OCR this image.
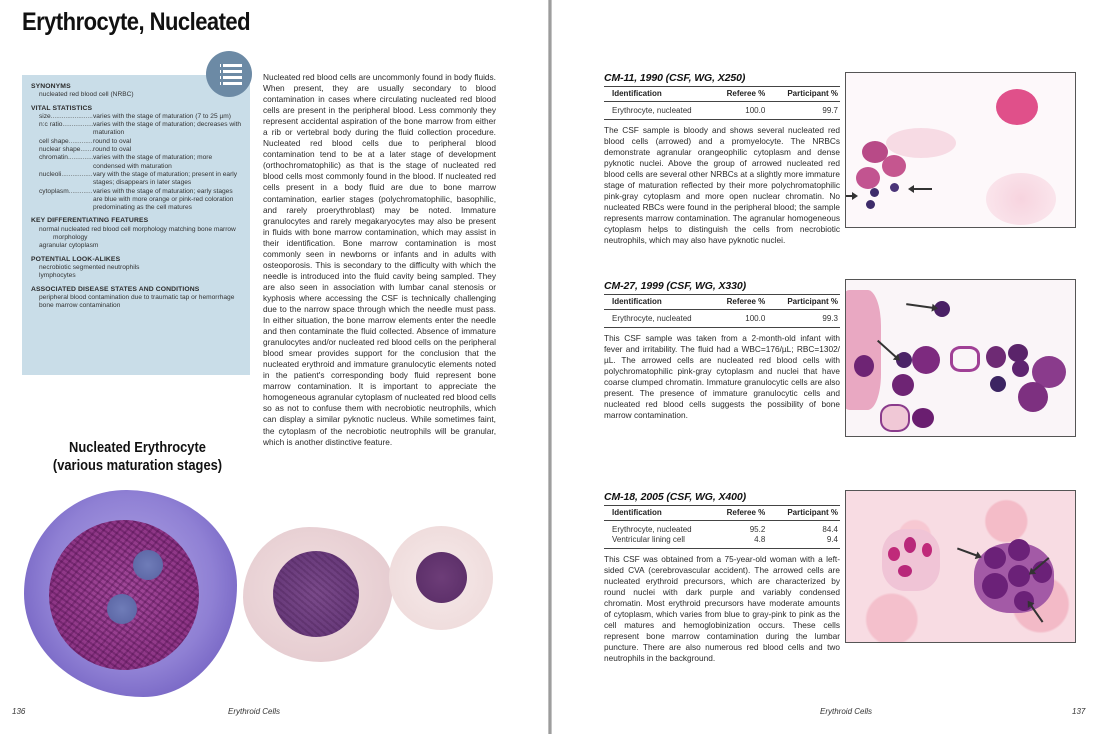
Erythrocyte, Nucleated
SYNONYMS
nucleated red blood cell (NRBC)
VITAL STATISTICS
size .....	varies with the stage of maturation (7 to 25 µm)
n:c ratio .....	varies with the stage of maturation; decreases with maturation
cell shape .....	round to oval
nuclear shape .....	round to oval
chromatin .....	varies with the stage of maturation; more condensed with maturation
nucleoli .....	vary with the stage of maturation; present in early stages; disappears in later stages
cytoplasm .....	varies with the stage of maturation; early stages are blue with more orange or pink-red coloration predominating as the cell matures
KEY DIFFERENTIATING FEATURES
normal nucleated red blood cell morphology matching bone marrow morphology
agranular cytoplasm
POTENTIAL LOOK-ALIKES
necrobiotic segmented neutrophils
lymphocytes
ASSOCIATED DISEASE STATES AND CONDITIONS
peripheral blood contamination due to traumatic tap or hemorrhage
bone marrow contamination
Nucleated red blood cells are uncommonly found in body fluids. When present, they are usually secondary to blood contamination in cases where circulating nucleated red blood cells are present in the peripheral blood. Less commonly they represent accidental aspiration of the bone marrow from either a rib or vertebral body during the fluid collection procedure. Nucleated red blood cells due to peripheral blood contamination tend to be at a later stage of development (orthochromatophilic) as that is the stage of nucleated red blood cells most commonly found in the blood. If nucleated red cells present in a body fluid are due to bone marrow contamination, earlier stages (polychromatophilic, basophilic, and rarely proerythroblast) may be noted. Immature granulocytes and rarely megakaryocytes may also be present in fluids with bone marrow contamination, which may assist in their identification. Bone marrow contamination is most commonly seen in newborns or infants and in adults with osteoporosis. This is secondary to the difficulty with which the needle is introduced into the fluid cavity being sampled. They are also seen in association with lumbar canal stenosis or kyphosis where accessing the CSF is technically challenging due to the narrow space through which the needle must pass. In either situation, the bone marrow elements enter the needle and then contaminate the fluid collected. Absence of immature granulocytes and/or nucleated red blood cells on the peripheral blood smear provides support for the conclusion that the nucleated erythroid and immature granulocytic elements noted in the patient's corresponding body fluid represent bone marrow contamination. It is important to appreciate the homogeneous agranular cytoplasm of nucleated red blood cells so as not to confuse them with necrobiotic neutrophils, which can display a similar pyknotic nucleus. While sometimes faint, the cytoplasm of the necrobiotic neutrophils will be granular, which is another distinctive feature.
Nucleated Erythrocyte
(various maturation stages)
136	Erythroid Cells
CM-11, 1990 (CSF, WG, X250)
Identification	Referee %	Participant %
Erythrocyte, nucleated	100.0	99.7
The CSF sample is bloody and shows several nucleated red blood cells (arrowed) and a promyelocyte. The NRBCs demonstrate agranular orangeophilic cytoplasm and dense pyknotic nuclei. Above the group of arrowed nucleated red blood cells are several other NRBCs at a slightly more immature stage of maturation reflected by their more polychromatophilic pink-gray cytoplasm and more open nuclear chromatin. No nucleated RBCs were found in the peripheral blood; the sample represents marrow contamination. The agranular homogeneous cytoplasm helps to distinguish the cells from necrobiotic neutrophils, which may also have pyknotic nuclei.
CM-27, 1999 (CSF, WG, X330)
Identification	Referee %	Participant %
Erythrocyte, nucleated	100.0	99.3
This CSF sample was taken from a 2-month-old infant with fever and irritability. The fluid had a WBC=176/µL; RBC=1302/µL. The arrowed cells are nucleated red blood cells with polychromatophilic pink-gray cytoplasm and nuclei that have coarse clumped chromatin. Immature granulocytic cells are also present. The presence of immature granulocytic cells and nucleated red blood cells suggests the possibility of bone marrow contamination.
CM-18, 2005 (CSF, WG, X400)
Identification	Referee %	Participant %
Erythrocyte, nucleated	95.2	84.4
Ventricular lining cell	4.8	9.4
This CSF was obtained from a 75-year-old woman with a left-sided CVA (cerebrovascular accident). The arrowed cells are nucleated erythroid precursors, which are characterized by round nuclei with dark purple and variably condensed chromatin. Most erythroid precursors have moderate amounts of cytoplasm, which varies from blue to gray-pink to pink as the cell matures and hemoglobinization occurs. These cells represent bone marrow contamination during the lumbar puncture. There are also numerous red blood cells and two neutrophils in the background.
Erythroid Cells	137
